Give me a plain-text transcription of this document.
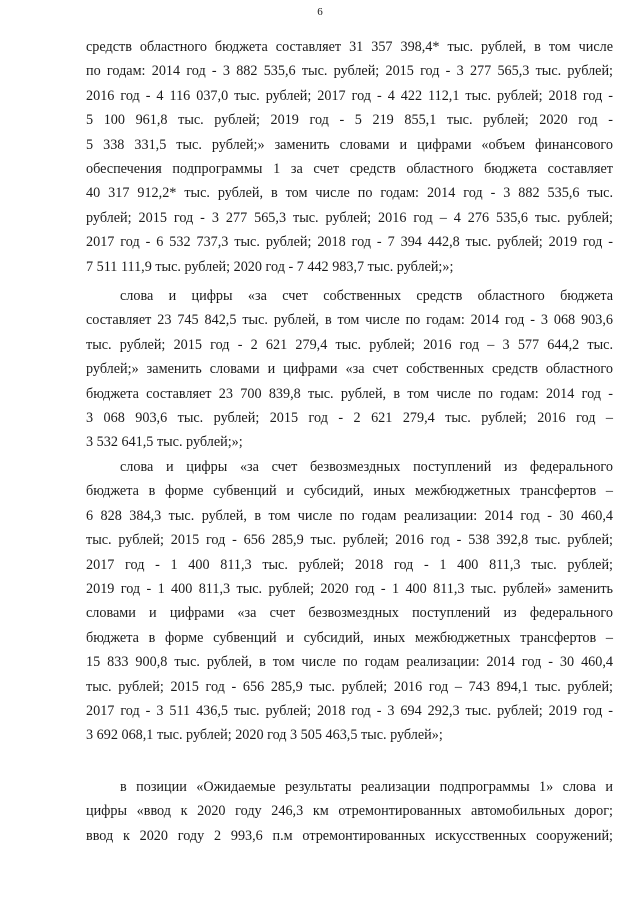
6
средств областного бюджета составляет 31 357 398,4* тыс. рублей, в том числе
по годам: 2014 год - 3 882 535,6 тыс. рублей; 2015 год - 3 277 565,3 тыс. рублей;
2016 год - 4 116 037,0 тыс. рублей; 2017 год - 4 422 112,1 тыс. рублей; 2018 год -
5 100 961,8 тыс. рублей; 2019 год - 5 219 855,1 тыс. рублей; 2020 год -
5 338 331,5 тыс. рублей;» заменить словами и цифрами «объем финансового
обеспечения подпрограммы 1 за счет средств областного бюджета составляет
40 317 912,2* тыс. рублей, в том числе по годам: 2014 год - 3 882 535,6 тыс.
рублей; 2015 год - 3 277 565,3 тыс. рублей; 2016 год – 4 276 535,6 тыс. рублей;
2017 год - 6 532 737,3 тыс. рублей; 2018 год - 7 394 442,8 тыс. рублей; 2019 год -
7 511 111,9 тыс. рублей; 2020 год - 7 442 983,7 тыс. рублей;»;
слова и цифры «за счет собственных средств областного бюджета
составляет 23 745 842,5 тыс. рублей, в том числе по годам: 2014 год - 3 068 903,6
тыс. рублей; 2015 год - 2 621 279,4 тыс. рублей; 2016 год – 3 577 644,2 тыс.
рублей;» заменить словами и цифрами «за счет собственных средств областного
бюджета составляет 23 700 839,8 тыс. рублей, в том числе по годам: 2014 год -
3 068 903,6 тыс. рублей; 2015 год - 2 621 279,4 тыс. рублей; 2016 год –
3 532 641,5 тыс. рублей;»;
слова и цифры «за счет безвозмездных поступлений из федерального
бюджета в форме субвенций и субсидий, иных межбюджетных трансфертов –
6 828 384,3 тыс. рублей, в том числе по годам реализации: 2014 год - 30 460,4
тыс. рублей; 2015 год - 656 285,9 тыс. рублей; 2016 год - 538 392,8 тыс. рублей;
2017 год - 1 400 811,3 тыс. рублей; 2018 год - 1 400 811,3 тыс. рублей;
2019 год - 1 400 811,3 тыс. рублей; 2020 год - 1 400 811,3 тыс. рублей» заменить
словами и цифрами «за счет безвозмездных поступлений из федерального
бюджета в форме субвенций и субсидий, иных межбюджетных трансфертов –
15 833 900,8 тыс. рублей, в том числе по годам реализации: 2014 год - 30 460,4
тыс. рублей; 2015 год - 656 285,9 тыс. рублей; 2016 год – 743 894,1 тыс. рублей;
2017 год - 3 511 436,5 тыс. рублей; 2018 год - 3 694 292,3 тыс. рублей; 2019 год -
3 692 068,1 тыс. рублей; 2020 год 3 505 463,5 тыс. рублей»;
в позиции «Ожидаемые результаты реализации подпрограммы 1» слова и
цифры «ввод к 2020 году 246,3 км отремонтированных автомобильных дорог;
ввод к 2020 году 2 993,6 п.м отремонтированных искусственных сооружений;
